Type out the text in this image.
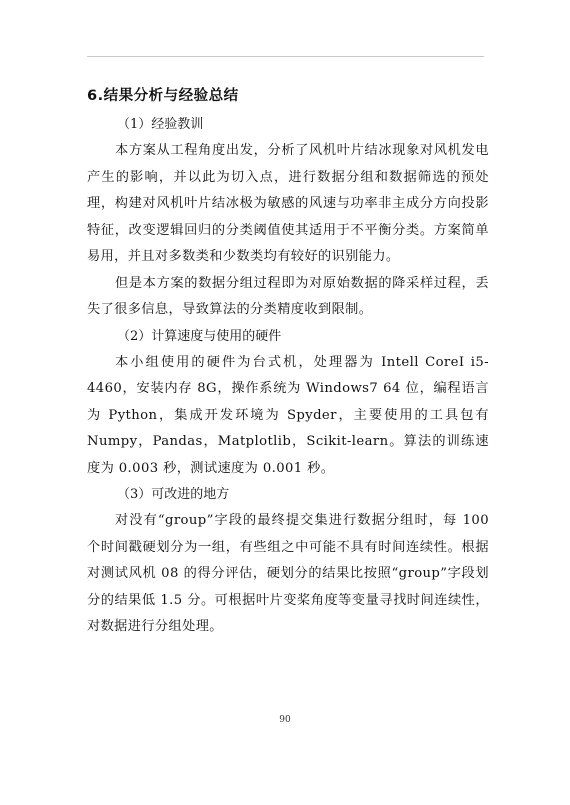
6.结果分析与经验总结

（1）经验教训

本方案从工程角度出发，分析了风机叶片结冰现象对风机发电产生的影响，并以此为切入点，进行数据分组和数据筛选的预处理，构建对风机叶片结冰极为敏感的风速与功率非主成分方向投影特征，改变逻辑回归的分类阈值使其适用于不平衡分类。方案简单易用，并且对多数类和少数类均有较好的识别能力。

但是本方案的数据分组过程即为对原始数据的降采样过程，丢失了很多信息，导致算法的分类精度收到限制。

（2）计算速度与使用的硬件

本小组使用的硬件为台式机，处理器为 Intell CoreI i5-4460，安装内存 8G，操作系统为 Windows7 64 位，编程语言为 Python，集成开发环境为 Spyder，主要使用的工具包有 Numpy，Pandas，Matplotlib，Scikit-learn。算法的训练速度为 0.003 秒，测试速度为 0.001 秒。

（3）可改进的地方

对没有“group”字段的最终提交集进行数据分组时，每 100 个时间戳硬划分为一组，有些组之中可能不具有时间连续性。根据对测试风机 08 的得分评估，硬划分的结果比按照“group”字段划分的结果低 1.5 分。可根据叶片变桨角度等变量寻找时间连续性，对数据进行分组处理。

90
